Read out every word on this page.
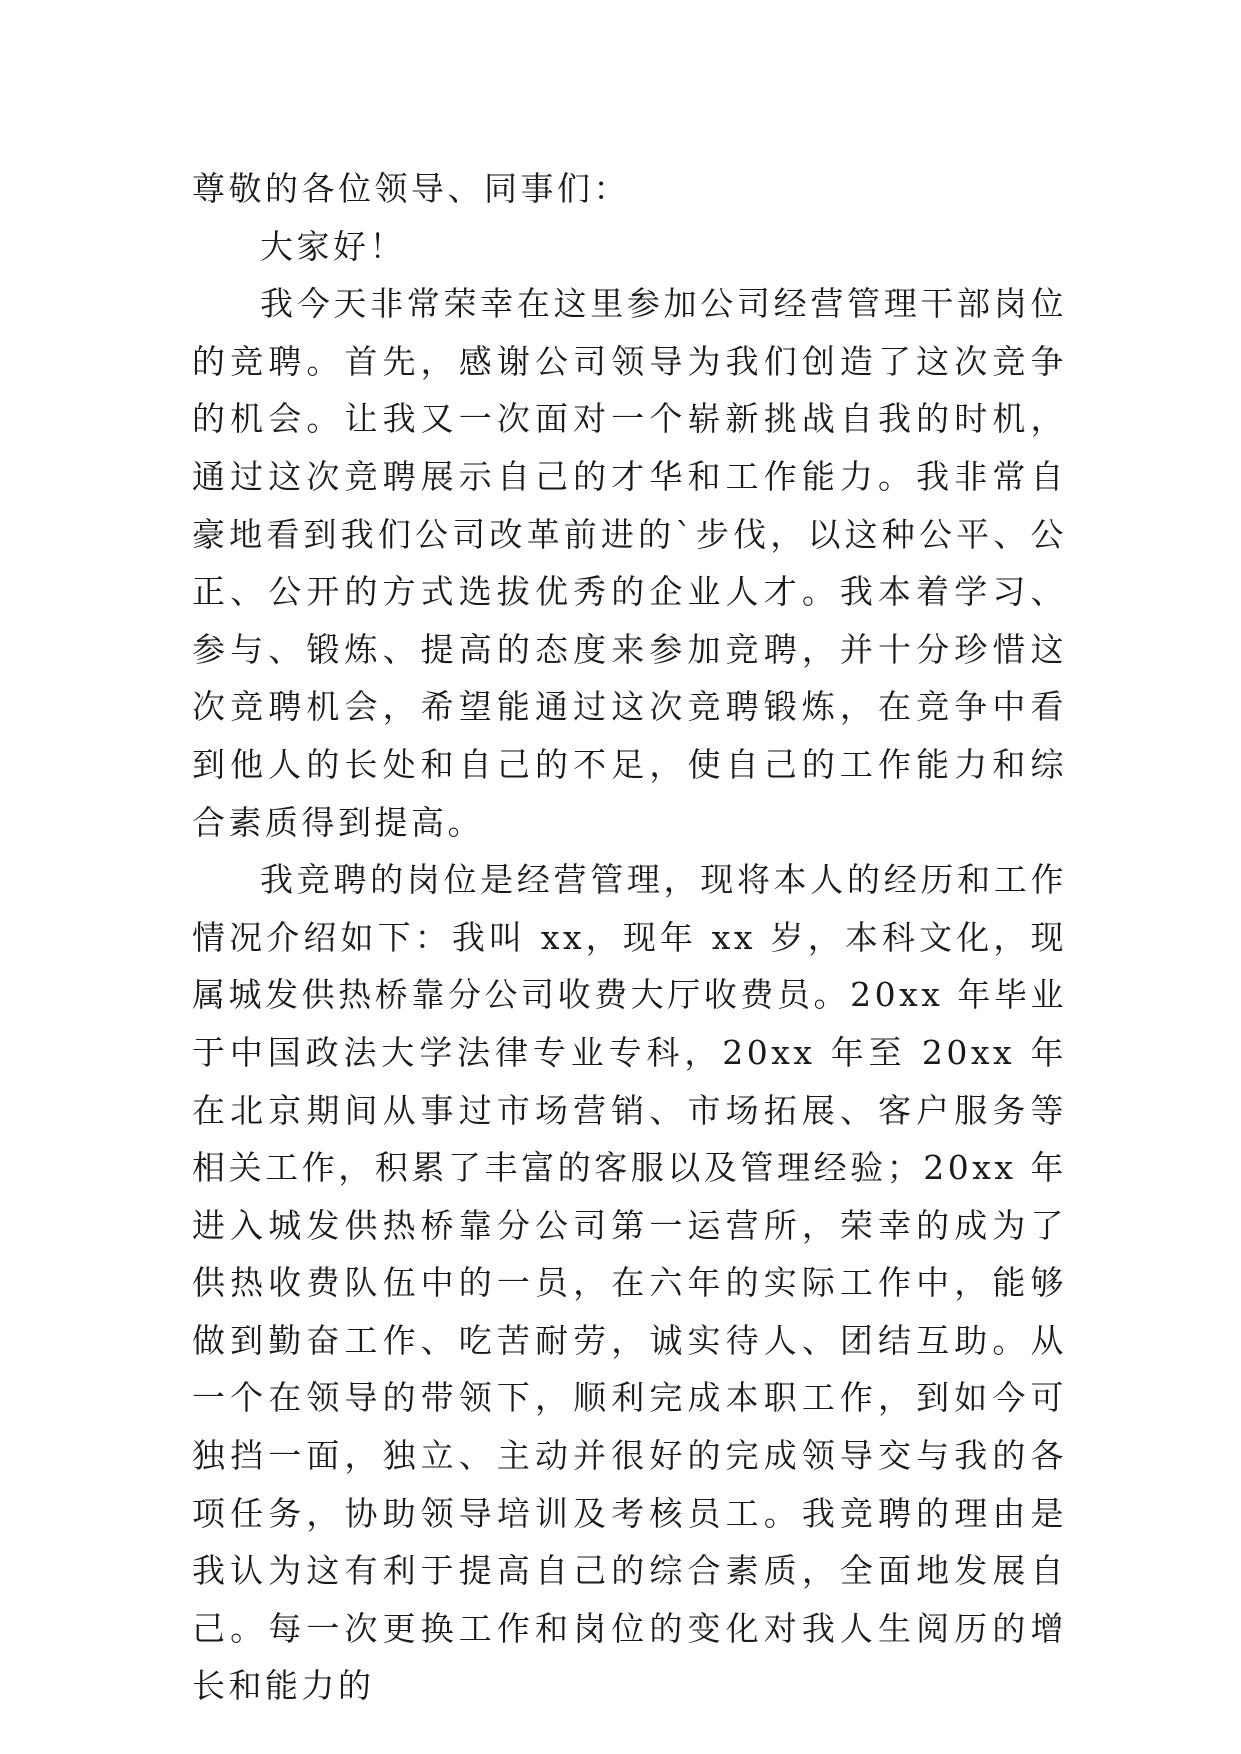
尊敬的各位领导、同事们：

大家好！

我今天非常荣幸在这里参加公司经营管理干部岗位的竞聘。首先，感谢公司领导为我们创造了这次竞争的机会。让我又一次面对一个崭新挑战自我的时机，通过这次竞聘展示自己的才华和工作能力。我非常自豪地看到我们公司改革前进的`步伐，以这种公平、公正、公开的方式选拔优秀的企业人才。我本着学习、参与、锻炼、提高的态度来参加竞聘，并十分珍惜这次竞聘机会，希望能通过这次竞聘锻炼，在竞争中看到他人的长处和自己的不足，使自己的工作能力和综合素质得到提高。

我竞聘的岗位是经营管理，现将本人的经历和工作情况介绍如下：我叫 xx，现年 xx 岁，本科文化，现属城发供热桥靠分公司收费大厅收费员。20xx 年毕业于中国政法大学法律专业专科，20xx 年至 20xx 年在北京期间从事过市场营销、市场拓展、客户服务等相关工作，积累了丰富的客服以及管理经验；20xx 年进入城发供热桥靠分公司第一运营所，荣幸的成为了供热收费队伍中的一员，在六年的实际工作中，能够做到勤奋工作、吃苦耐劳，诚实待人、团结互助。从一个在领导的带领下，顺利完成本职工作，到如今可独挡一面，独立、主动并很好的完成领导交与我的各项任务，协助领导培训及考核员工。我竞聘的理由是我认为这有利于提高自己的综合素质，全面地发展自己。每一次更换工作和岗位的变化对我人生阅历的增长和能力的
